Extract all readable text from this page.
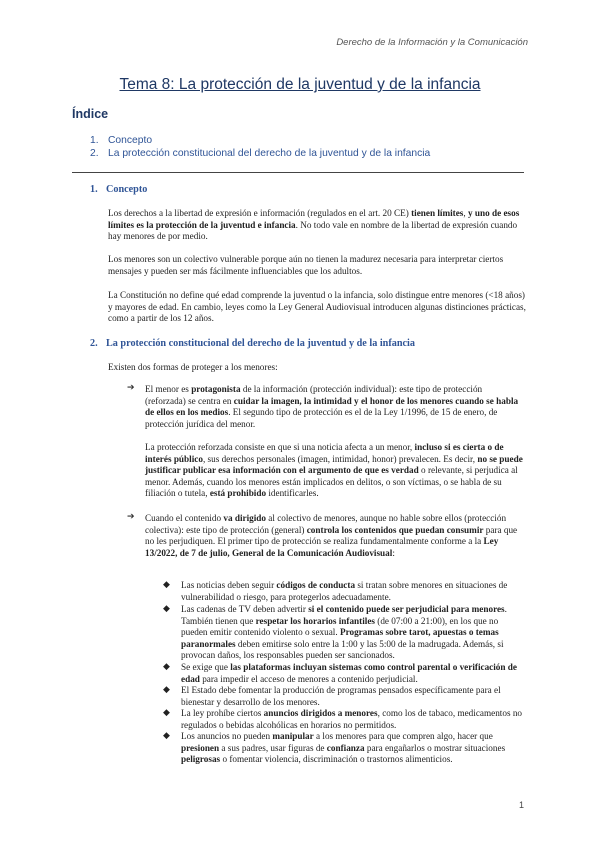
Derecho de la Información y la Comunicación
Tema 8: La protección de la juventud y de la infancia
Índice
1. Concepto
2. La protección constitucional del derecho de la juventud y de la infancia
1. Concepto
Los derechos a la libertad de expresión e información (regulados en el art. 20 CE) tienen límites, y uno de esos límites es la protección de la juventud e infancia. No todo vale en nombre de la libertad de expresión cuando hay menores de por medio.
Los menores son un colectivo vulnerable porque aún no tienen la madurez necesaria para interpretar ciertos mensajes y pueden ser más fácilmente influenciables que los adultos.
La Constitución no define qué edad comprende la juventud o la infancia, solo distingue entre menores (<18 años) y mayores de edad. En cambio, leyes como la Ley General Audiovisual introducen algunas distinciones prácticas, como a partir de los 12 años.
2. La protección constitucional del derecho de la juventud y de la infancia
Existen dos formas de proteger a los menores:
➔ El menor es protagonista de la información (protección individual): este tipo de protección (reforzada) se centra en cuidar la imagen, la intimidad y el honor de los menores cuando se habla de ellos en los medios. El segundo tipo de protección es el de la Ley 1/1996, de 15 de enero, de protección jurídica del menor.
La protección reforzada consiste en que si una noticia afecta a un menor, incluso si es cierta o de interés público, sus derechos personales (imagen, intimidad, honor) prevalecen. Es decir, no se puede justificar publicar esa información con el argumento de que es verdad o relevante, si perjudica al menor. Además, cuando los menores están implicados en delitos, o son víctimas, o se habla de su filiación o tutela, está prohibido identificarles.
➔ Cuando el contenido va dirigido al colectivo de menores, aunque no hable sobre ellos (protección colectiva): este tipo de protección (general) controla los contenidos que puedan consumir para que no les perjudiquen. El primer tipo de protección se realiza fundamentalmente conforme a la Ley 13/2022, de 7 de julio, General de la Comunicación Audiovisual:
◆ Las noticias deben seguir códigos de conducta si tratan sobre menores en situaciones de vulnerabilidad o riesgo, para protegerlos adecuadamente.
◆ Las cadenas de TV deben advertir si el contenido puede ser perjudicial para menores. También tienen que respetar los horarios infantiles (de 07:00 a 21:00), en los que no pueden emitir contenido violento o sexual. Programas sobre tarot, apuestas o temas paranormales deben emitirse solo entre la 1:00 y las 5:00 de la madrugada. Además, si provocan daños, los responsables pueden ser sancionados.
◆ Se exige que las plataformas incluyan sistemas como control parental o verificación de edad para impedir el acceso de menores a contenido perjudicial.
◆ El Estado debe fomentar la producción de programas pensados específicamente para el bienestar y desarrollo de los menores.
◆ La ley prohíbe ciertos anuncios dirigidos a menores, como los de tabaco, medicamentos no regulados o bebidas alcohólicas en horarios no permitidos.
◆ Los anuncios no pueden manipular a los menores para que compren algo, hacer que presionen a sus padres, usar figuras de confianza para engañarlos o mostrar situaciones peligrosas o fomentar violencia, discriminación o trastornos alimenticios.
1
